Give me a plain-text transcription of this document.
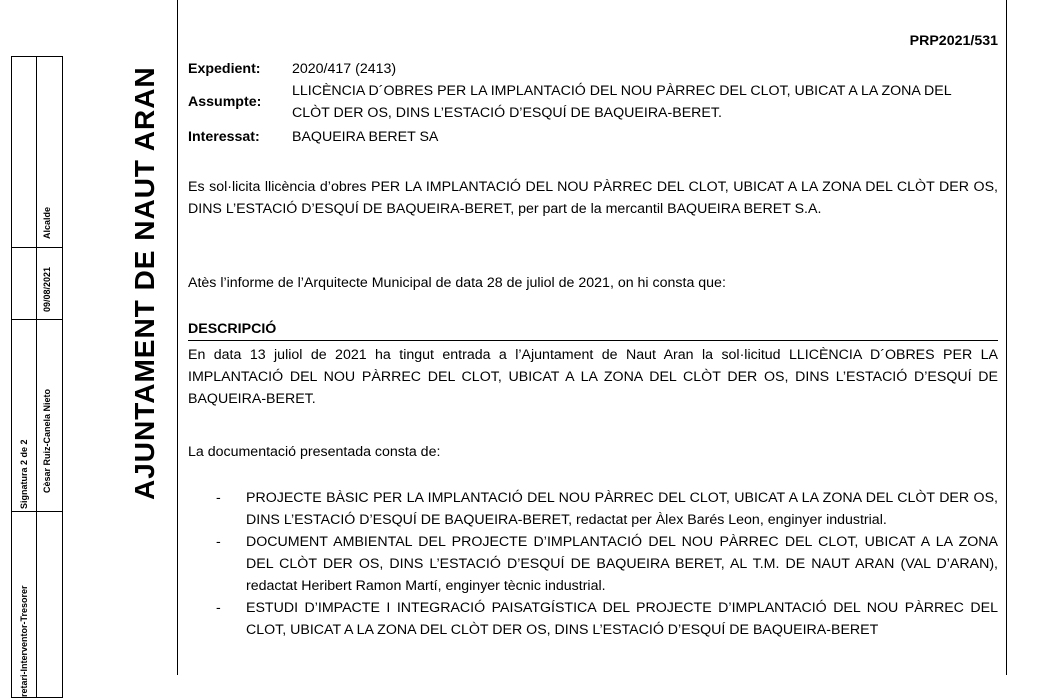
Signatura 2 de 2
retari-Interventor-Tresorer
Cèsar Ruiz-Canela Nieto
09/08/2021
Alcalde	AJUNTAMENT DE NAUT ARAN
PRP2021/531
Expedient: 2020/417 (2413)
Assumpte:
LLICÈNCIA D´OBRES PER LA IMPLANTACIÓ DEL NOU PÀRREC DEL CLOT, UBICAT A LA ZONA DEL CLÒT DER OS, DINS L’ESTACIÓ D’ESQUÍ DE BAQUEIRA-BERET.
Interessat: BAQUEIRA BERET SA
Es sol·licita llicència d’obres PER LA IMPLANTACIÓ DEL NOU PÀRREC DEL CLOT, UBICAT A LA ZONA DEL CLÒT DER OS, DINS L’ESTACIÓ D’ESQUÍ DE BAQUEIRA-BERET, per part de la mercantil BAQUEIRA BERET S.A.
Atès l’informe de l’Arquitecte Municipal de data 28 de juliol de 2021, on hi consta que:
DESCRIPCIÓ
En data 13 juliol de 2021 ha tingut entrada a l’Ajuntament de Naut Aran la sol·licitud LLICÈNCIA D´OBRES PER LA IMPLANTACIÓ DEL NOU PÀRREC DEL CLOT, UBICAT A LA ZONA DEL CLÒT DER OS, DINS L’ESTACIÓ D’ESQUÍ DE BAQUEIRA-BERET.
La documentació presentada consta de:
- PROJECTE BÀSIC PER LA IMPLANTACIÓ DEL NOU PÀRREC DEL CLOT, UBICAT A LA ZONA DEL CLÒT DER OS, DINS L’ESTACIÓ D’ESQUÍ DE BAQUEIRA-BERET, redactat per Àlex Barés Leon, enginyer industrial.
- DOCUMENT AMBIENTAL DEL PROJECTE D’IMPLANTACIÓ DEL NOU PÀRREC DEL CLOT, UBICAT A LA ZONA DEL CLÒT DER OS, DINS L’ESTACIÓ D’ESQUÍ DE BAQUEIRA BERET, AL T.M. DE NAUT ARAN (VAL D’ARAN), redactat Heribert Ramon Martí, enginyer tècnic industrial.
- ESTUDI D’IMPACTE I INTEGRACIÓ PAISATGÍSTICA DEL PROJECTE D’IMPLANTACIÓ DEL NOU PÀRREC DEL CLOT, UBICAT A LA ZONA DEL CLÒT DER OS, DINS L’ESTACIÓ D’ESQUÍ DE BAQUEIRA-BERET
